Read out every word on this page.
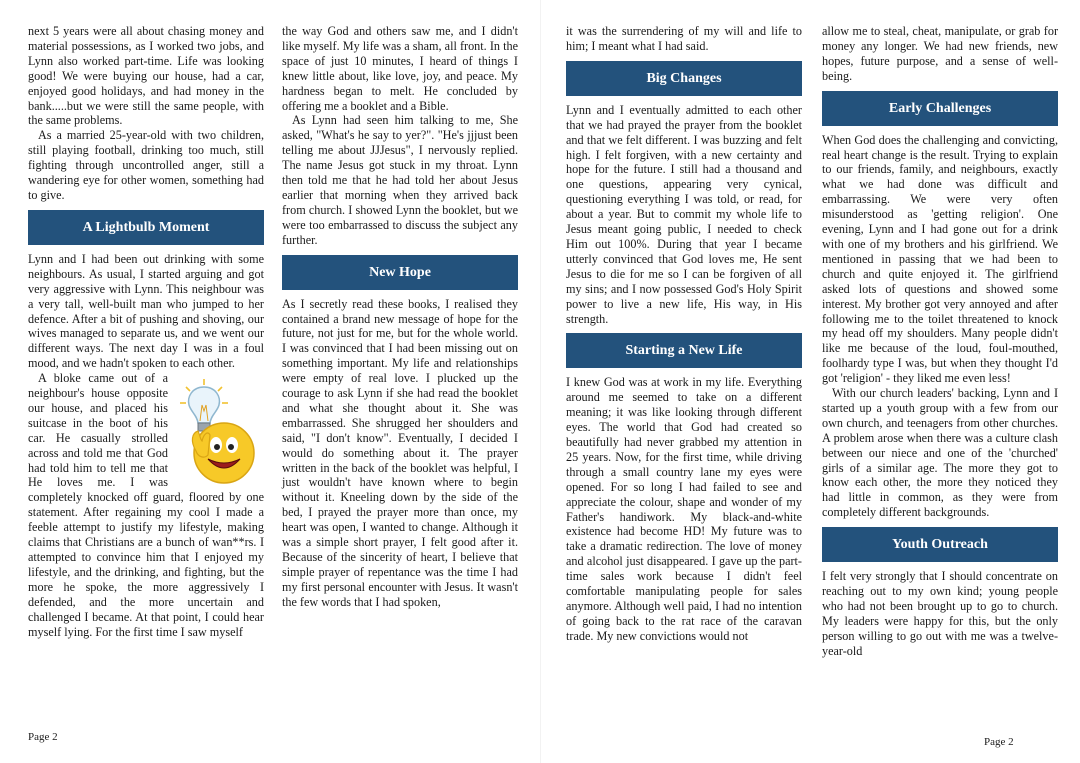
next 5 years were all about chasing money and material possessions, as I worked two jobs, and Lynn also worked part-time. Life was looking good! We were buying our house, had a car, enjoyed good holidays, and had money in the bank.....but we were still the same people, with the same problems.

As a married 25-year-old with two children, still playing football, drinking too much, still fighting through uncontrolled anger, still a wandering eye for other women, something had to give.

A Lightbulb Moment

Lynn and I had been out drinking with some neighbours. As usual, I started arguing and got very aggressive with Lynn. This neighbour was a very tall, well-built man who jumped to her defence. After a bit of pushing and shoving, our wives managed to separate us, and we went our different ways. The next day I was in a foul mood, and we hadn't spoken to each other.

A bloke came out of a neighbour's house opposite our house, and placed his suitcase in the boot of his car. He casually strolled across and told me that God had told him to tell me that He loves me. I was completely knocked off guard, floored by one statement. After regaining my cool I made a feeble attempt to justify my lifestyle, making claims that Christians are a bunch of wan**rs. I attempted to convince him that I enjoyed my lifestyle, and the drinking, and fighting, but the more he spoke, the more aggressively I defended, and the more uncertain and challenged I became. At that point, I could hear myself lying. For the first time I saw myself

the way God and others saw me, and I didn't like myself. My life was a sham, all front. In the space of just 10 minutes, I heard of things I knew little about, like love, joy, and peace. My hardness began to melt. He concluded by offering me a booklet and a Bible.

As Lynn had seen him talking to me, She asked, "What's he say to yer?". "He's jjjust been telling me about JJJesus", I nervously replied. The name Jesus got stuck in my throat. Lynn then told me that he had told her about Jesus earlier that morning when they arrived back from church. I showed Lynn the booklet, but we were too embarrassed to discuss the subject any further.

New Hope

As I secretly read these books, I realised they contained a brand new message of hope for the future, not just for me, but for the whole world. I was convinced that I had been missing out on something important. My life and relationships were empty of real love. I plucked up the courage to ask Lynn if she had read the booklet and what she thought about it. She was embarrassed. She shrugged her shoulders and said, "I don't know". Eventually, I decided I would do something about it. The prayer written in the back of the booklet was helpful, I just wouldn't have known where to begin without it. Kneeling down by the side of the bed, I prayed the prayer more than once, my heart was open, I wanted to change. Although it was a simple short prayer, I felt good after it. Because of the sincerity of heart, I believe that simple prayer of repentance was the time I had my first personal encounter with Jesus. It wasn't the few words that I had spoken,

it was the surrendering of my will and life to him; I meant what I had said.

Big Changes

Lynn and I eventually admitted to each other that we had prayed the prayer from the booklet and that we felt different. I was buzzing and felt high. I felt forgiven, with a new certainty and hope for the future. I still had a thousand and one questions, appearing very cynical, questioning everything I was told, or read, for about a year. But to commit my whole life to Jesus meant going public, I needed to check Him out 100%. During that year I became utterly convinced that God loves me, He sent Jesus to die for me so I can be forgiven of all my sins; and I now possessed God's Holy Spirit power to live a new life, His way, in His strength.

Starting a New Life

I knew God was at work in my life. Everything around me seemed to take on a different meaning; it was like looking through different eyes. The world that God had created so beautifully had never grabbed my attention in 25 years. Now, for the first time, while driving through a small country lane my eyes were opened. For so long I had failed to see and appreciate the colour, shape and wonder of my Father's handiwork. My black-and-white existence had become HD! My future was to take a dramatic redirection. The love of money and alcohol just disappeared. I gave up the part-time sales work because I didn't feel comfortable manipulating people for sales anymore. Although well paid, I had no intention of going back to the rat race of the caravan trade. My new convictions would not

allow me to steal, cheat, manipulate, or grab for money any longer. We had new friends, new hopes, future purpose, and a sense of well-being.

Early Challenges

When God does the challenging and convicting, real heart change is the result. Trying to explain to our friends, family, and neighbours, exactly what we had done was difficult and embarrassing. We were very often misunderstood as 'getting religion'. One evening, Lynn and I had gone out for a drink with one of my brothers and his girlfriend. We mentioned in passing that we had been to church and quite enjoyed it. The girlfriend asked lots of questions and showed some interest. My brother got very annoyed and after following me to the toilet threatened to knock my head off my shoulders. Many people didn't like me because of the loud, foul-mouthed, foolhardy type I was, but when they thought I'd got 'religion' - they liked me even less!

With our church leaders' backing, Lynn and I started up a youth group with a few from our own church, and teenagers from other churches. A problem arose when there was a culture clash between our niece and one of the 'churched' girls of a similar age. The more they got to know each other, the more they noticed they had little in common, as they were from completely different backgrounds.

Youth Outreach

I felt very strongly that I should concentrate on reaching out to my own kind; young people who had not been brought up to go to church. My leaders were happy for this, but the only person willing to go out with me was a twelve-year-old

Page 2	Page 2
